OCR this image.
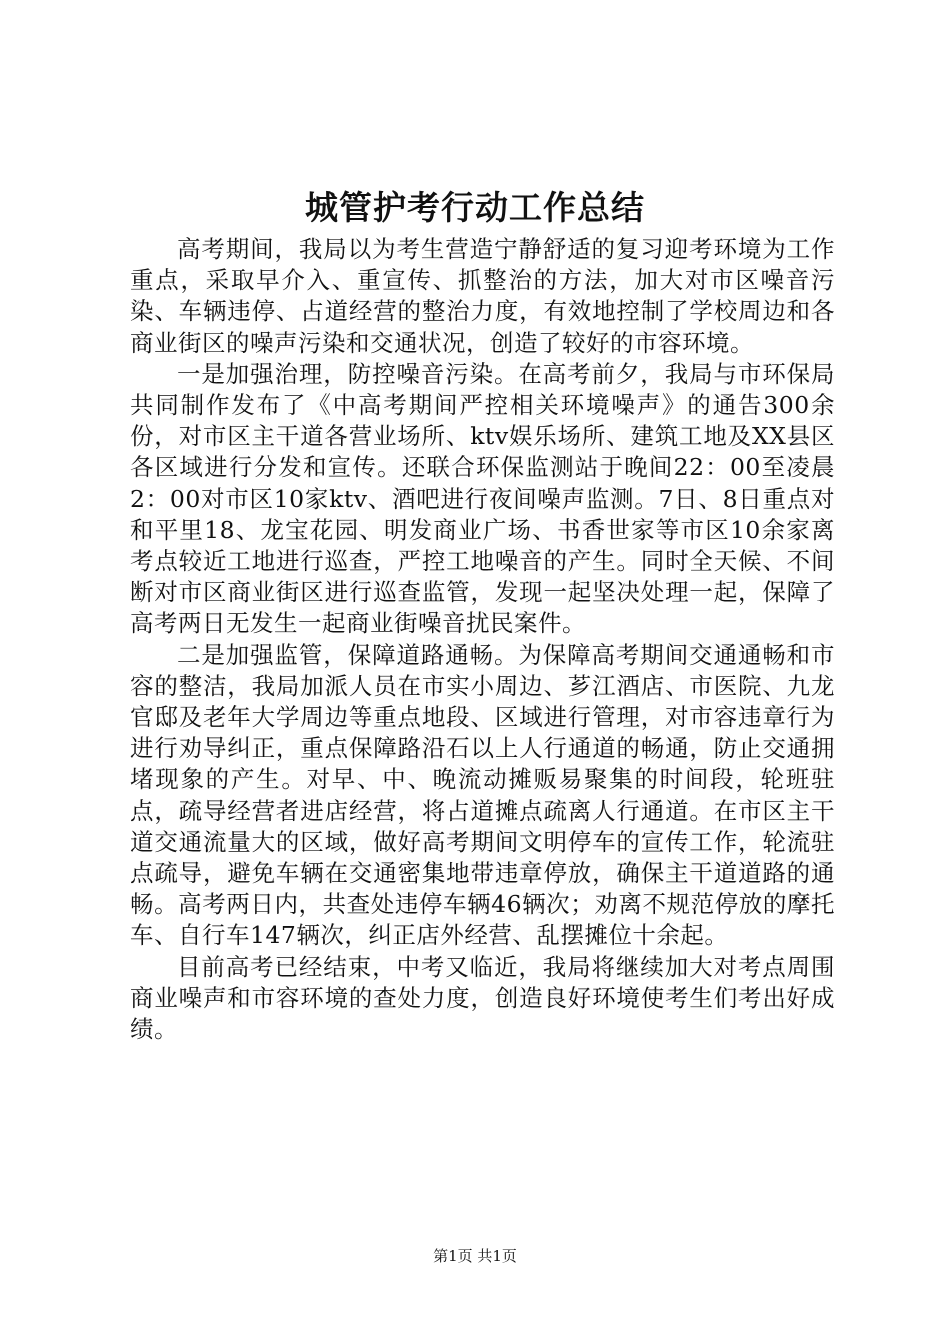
城管护考行动工作总结

高考期间，我局以为考生营造宁静舒适的复习迎考环境为工作重点，采取早介入、重宣传、抓整治的方法，加大对市区噪音污染、车辆违停、占道经营的整治力度，有效地控制了学校周边和各商业街区的噪声污染和交通状况，创造了较好的市容环境。

一是加强治理，防控噪音污染。在高考前夕，我局与市环保局共同制作发布了《中高考期间严控相关环境噪声》的通告300余份，对市区主干道各营业场所、ktv娱乐场所、建筑工地及XX县区各区域进行分发和宣传。还联合环保监测站于晚间22：00至凌晨2：00对市区10家ktv、酒吧进行夜间噪声监测。7日、8日重点对和平里18、龙宝花园、明发商业广场、书香世家等市区10余家离考点较近工地进行巡查，严控工地噪音的产生。同时全天候、不间断对市区商业街区进行巡查监管，发现一起坚决处理一起，保障了高考两日无发生一起商业街噪音扰民案件。

二是加强监管，保障道路通畅。为保障高考期间交通通畅和市容的整洁，我局加派人员在市实小周边、芗江酒店、市医院、九龙官邸及老年大学周边等重点地段、区域进行管理，对市容违章行为进行劝导纠正，重点保障路沿石以上人行通道的畅通，防止交通拥堵现象的产生。对早、中、晚流动摊贩易聚集的时间段，轮班驻点，疏导经营者进店经营，将占道摊点疏离人行通道。在市区主干道交通流量大的区域，做好高考期间文明停车的宣传工作，轮流驻点疏导，避免车辆在交通密集地带违章停放，确保主干道道路的通畅。高考两日内，共查处违停车辆46辆次；劝离不规范停放的摩托车、自行车147辆次，纠正店外经营、乱摆摊位十余起。

目前高考已经结束，中考又临近，我局将继续加大对考点周围商业噪声和市容环境的查处力度，创造良好环境使考生们考出好成绩。

第1页 共1页
